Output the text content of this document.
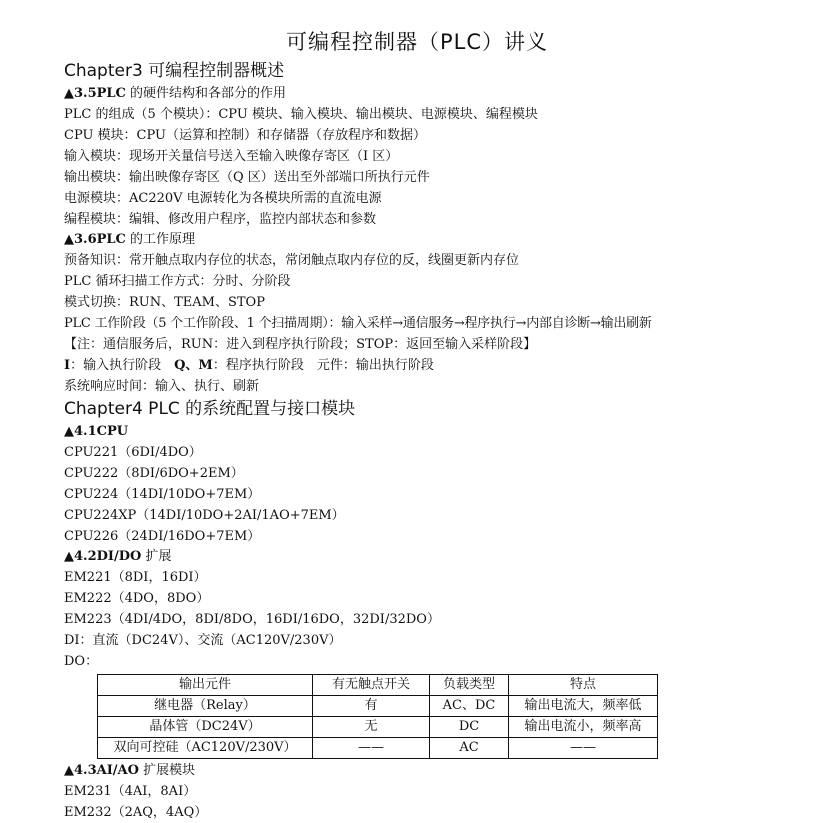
可编程控制器（PLC）讲义
Chapter3 可编程控制器概述

▲3.5PLC 的硬件结构和各部分的作用

PLC 的组成（5 个模块）：CPU 模块、输入模块、输出模块、电源模块、编程模块

CPU 模块：CPU（运算和控制）和存储器（存放程序和数据）

输入模块：现场开关量信号送入至输入映像存寄区（I 区）

输出模块：输出映像存寄区（Q 区）送出至外部端口所执行元件

电源模块：AC220V 电源转化为各模块所需的直流电源

编程模块：编辑、修改用户程序，监控内部状态和参数

▲3.6PLC 的工作原理

预备知识：常开触点取内存位的状态，常闭触点取内存位的反，线圈更新内存位

PLC 循环扫描工作方式：分时、分阶段

模式切换：RUN、TEAM、STOP

PLC 工作阶段（5 个工作阶段、1 个扫描周期）：输入采样→通信服务→程序执行→内部自诊断→输出刷新

【注：通信服务后，RUN：进入到程序执行阶段；STOP：返回至输入采样阶段】

I：输入执行阶段　Q、M：程序执行阶段　元件：输出执行阶段

系统响应时间：输入、执行、刷新

Chapter4 PLC 的系统配置与接口模块

▲4.1CPU

CPU221（6DI/4DO）

CPU222（8DI/6DO+2EM）

CPU224（14DI/10DO+7EM）

CPU224XP（14DI/10DO+2AI/1AO+7EM）

CPU226（24DI/16DO+7EM）

▲4.2DI/DO 扩展

EM221（8DI，16DI）

EM222（4DO，8DO）

EM223（4DI/4DO，8DI/8DO，16DI/16DO，32DI/32DO）

DI：直流（DC24V）、交流（AC120V/230V）

DO：

输出元件	有无触点开关	负载类型	特点
继电器（Relay）	有	AC、DC	输出电流大，频率低
晶体管（DC24V）	无	DC	输出电流小，频率高
双向可控硅（AC120V/230V）	——	AC	——

▲4.3AI/AO 扩展模块

EM231（4AI，8AI）

EM232（2AQ，4AQ）
